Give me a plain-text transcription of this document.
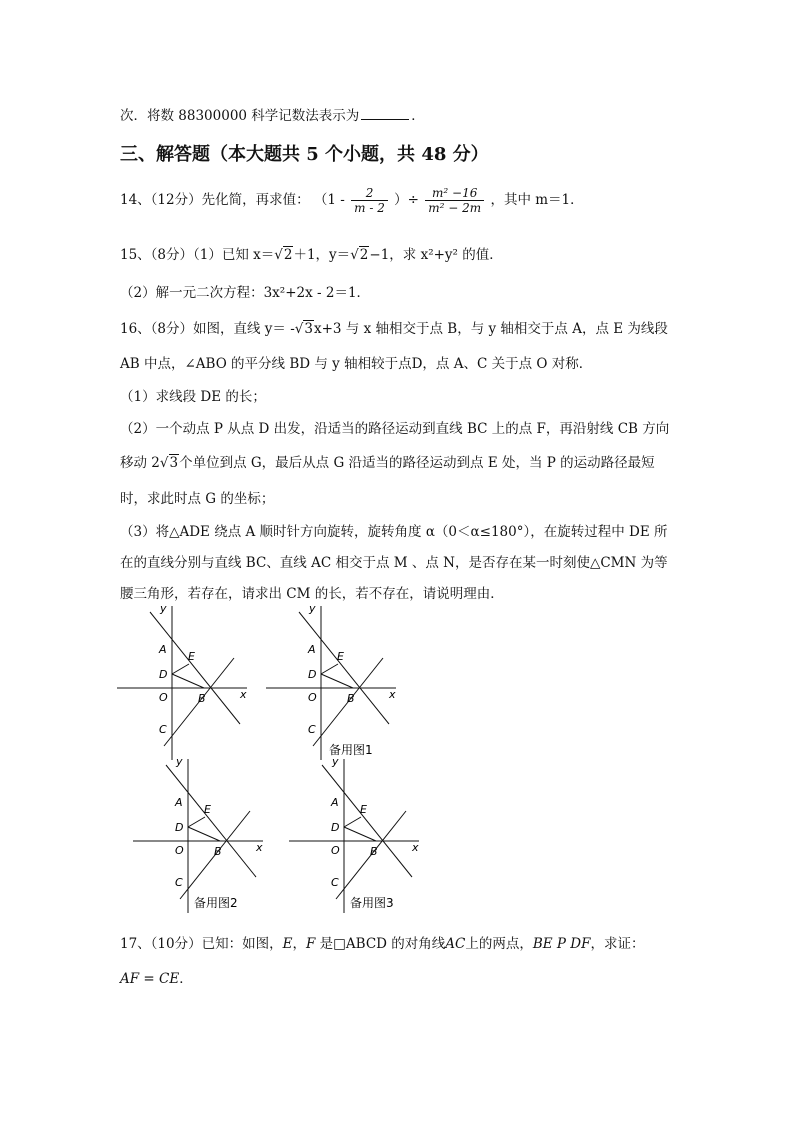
次．将数 88300000 科学记数法表示为	．
三、解答题（本大题共 5 个小题，共 48 分）
14、（12分）先化简，再求值： （$1 - \frac{2}{m - 2}$ ）÷ $\frac{\text{m² −16}}{\text{m² − 2m}}$ ，其中 m＝1．
15、（8分）（1）已知 x＝√2＋1，y＝√2−1，求 x²+y² 的值．
（2）解一元二次方程：3x²+2x - 2＝1．
16、（8分）如图，直线 y＝ -√3x+3 与 x 轴相交于点 B，与 y 轴相交于点 A，点 E 为线段
AB 中点，∠ABO 的平分线 BD 与 y 轴相较于点D，点 A、C 关于点 O 对称．
（1）求线段 DE 的长；
（2）一个动点 P 从点 D 出发，沿适当的路径运动到直线 BC 上的点 F，再沿射线 CB 方向
移动 2√3个单位到点 G，最后从点 G 沿适当的路径运动到点 E 处，当 P 的运动路径最短
时，求此时点 G 的坐标；
（3）将△ADE 绕点 A 顺时针方向旋转，旋转角度 α（0＜α≤180°），在旋转过程中 DE 所
在的直线分别与直线 BC、直线 AC 相交于点 M 、点 N，是否存在某一时刻使△CMN 为等
腰三角形，若存在，请求出 CM 的长，若不存在，请说明理由．
y
x
A
E
D
O	B
C
y
x
A
E
D
O	B
C
备用图1
y
x
A
E
D
O	B
C
备用图2
y
x
A
E
D
O	B
C
备用图3
17、（10分）已知：如图，E，F 是□ABCD 的对角线AC上的两点，BE P DF，求证：
AF = CE．
